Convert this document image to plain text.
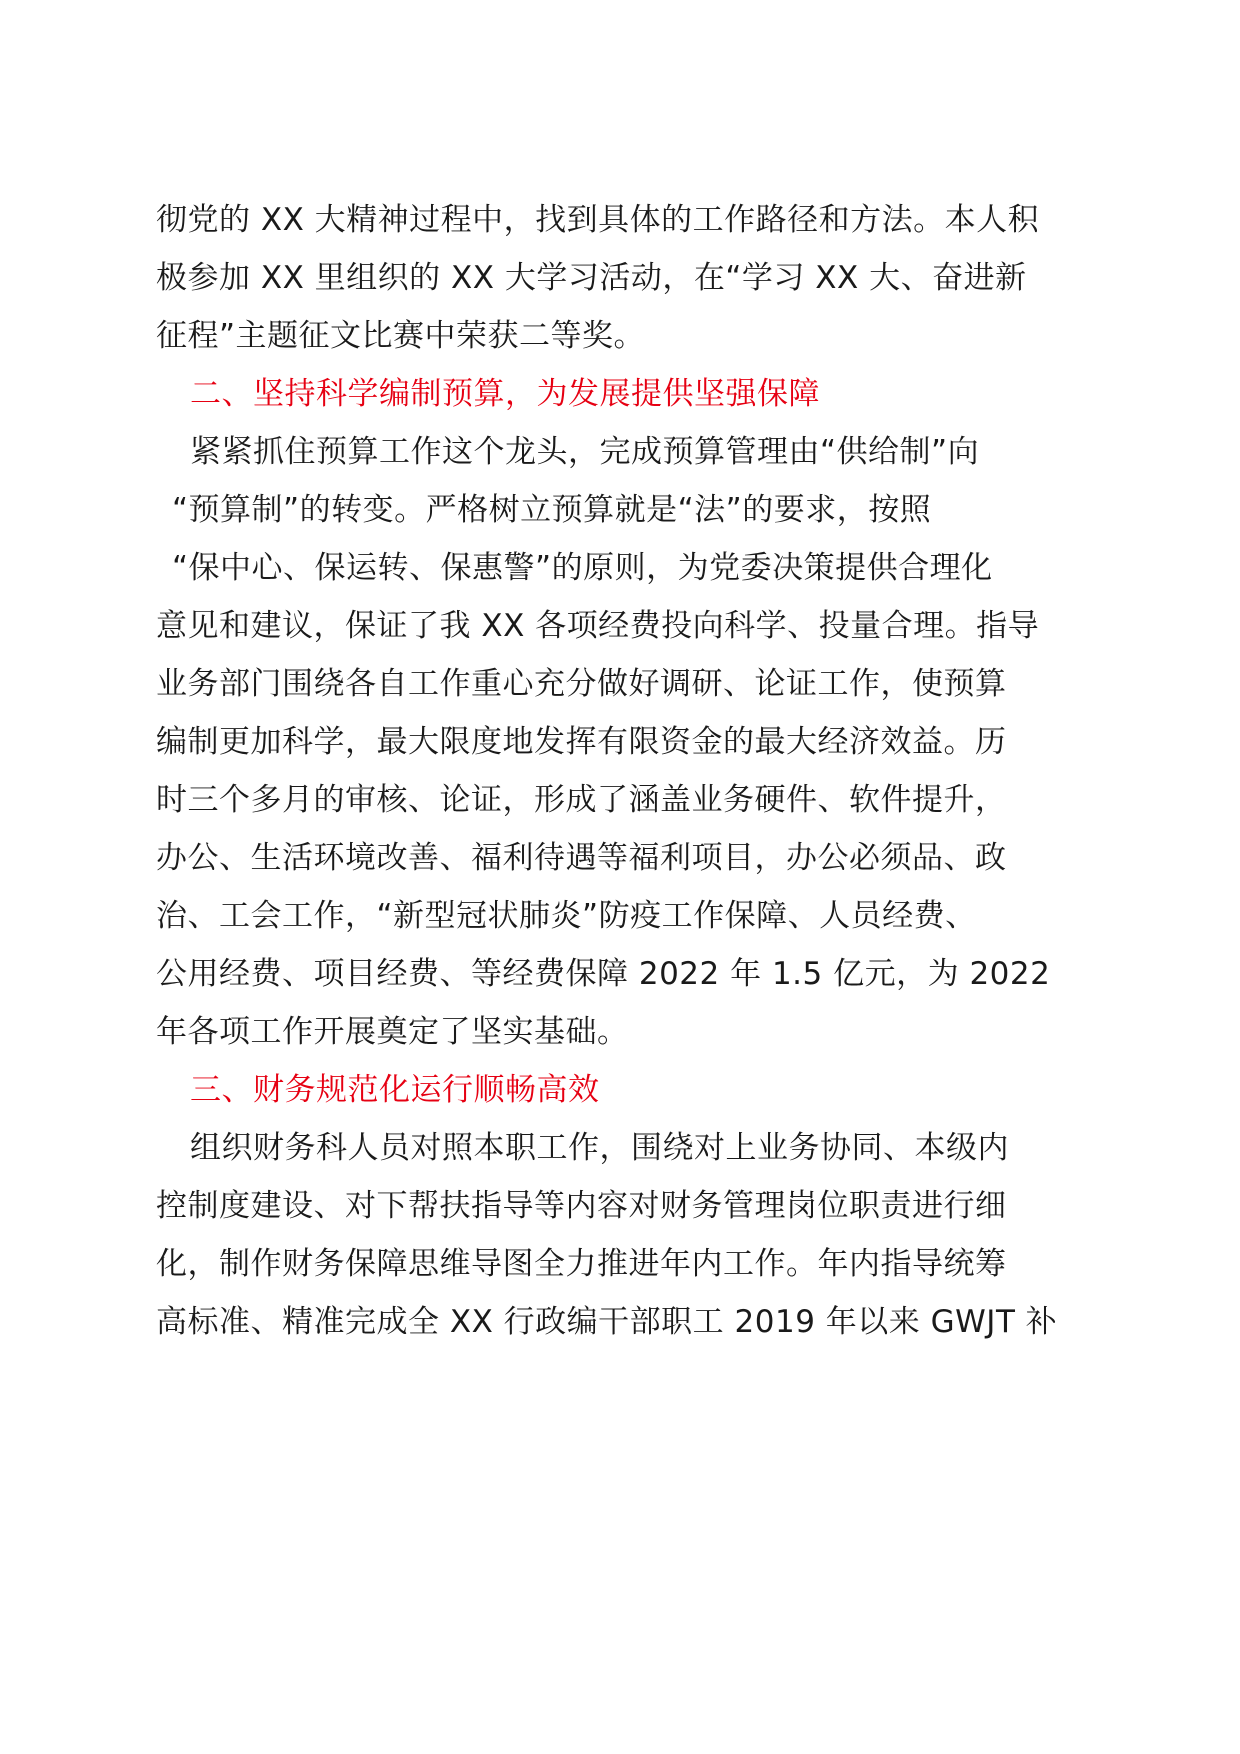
彻党的 XX 大精神过程中，找到具体的工作路径和方法。本人积
极参加 XX 里组织的 XX 大学习活动，在“学习 XX 大、奋进新
征程”主题征文比赛中荣获二等奖。
二、坚持科学编制预算，为发展提供坚强保障
紧紧抓住预算工作这个龙头，完成预算管理由“供给制”向
“预算制”的转变。严格树立预算就是“法”的要求，按照
“保中心、保运转、保惠警”的原则，为党委决策提供合理化
意见和建议，保证了我 XX 各项经费投向科学、投量合理。指导
业务部门围绕各自工作重心充分做好调研、论证工作，使预算
编制更加科学，最大限度地发挥有限资金的最大经济效益。历
时三个多月的审核、论证，形成了涵盖业务硬件、软件提升，
办公、生活环境改善、福利待遇等福利项目，办公必须品、政
治、工会工作，“新型冠状肺炎”防疫工作保障、人员经费、
公用经费、项目经费、等经费保障 2022 年 1.5 亿元，为 2022
年各项工作开展奠定了坚实基础。
三、财务规范化运行顺畅高效
组织财务科人员对照本职工作，围绕对上业务协同、本级内
控制度建设、对下帮扶指导等内容对财务管理岗位职责进行细
化，制作财务保障思维导图全力推进年内工作。年内指导统筹
高标准、精准完成全 XX 行政编干部职工 2019 年以来 GWJT 补
